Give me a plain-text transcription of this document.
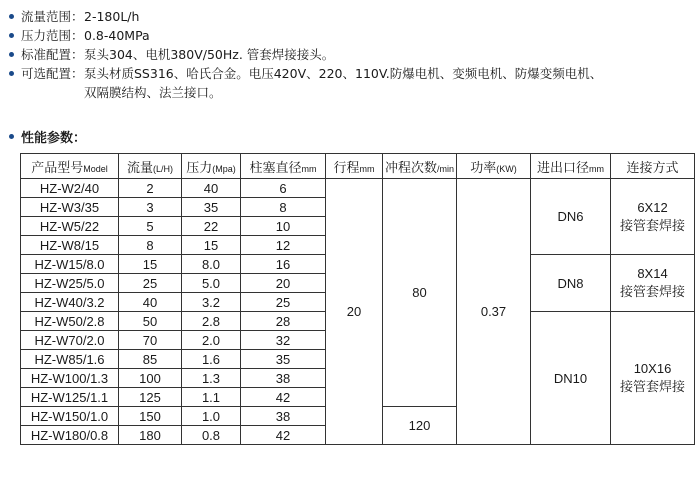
流量范围： 2-180L/h
压力范围： 0.8-40MPa
标准配置： 泵头304、电机380V/50Hz. 管套焊接接头。
可选配置： 泵头材质SS316、哈氏合金。电压420V、220、110V.防爆电机、变频电机、防爆变频电机、
双隔膜结构、法兰接口。
性能参数：
产品型号Model	流量(L/H)	压力(Mpa)	柱塞直径mm	行程mm	冲程次数/min	功率(KW)	进出口径mm	连接方式
HZ-W2/40	2	40	6	20	80	0.37	DN6	6X12
接管套焊接

HZ-W3/35	3	35	8					
HZ-W5/22	5	22	10					
HZ-W8/15	8	15	12					
HZ-W15/8.0	15	8.0	16				DN8	8X14
接管套焊接

HZ-W25/5.0	25	5.0	20					
HZ-W40/3.2	40	3.2	25					
HZ-W50/2.8	50	2.8	28				DN10	10X16
接管套焊接

HZ-W70/2.0	70	2.0	32					
HZ-W85/1.6	85	1.6	35					
HZ-W100/1.3	100	1.3	38					
HZ-W125/1.1	125	1.1	42					
HZ-W150/1.0	150	1.0	38		120			
HZ-W180/0.8	180	0.8	42					
